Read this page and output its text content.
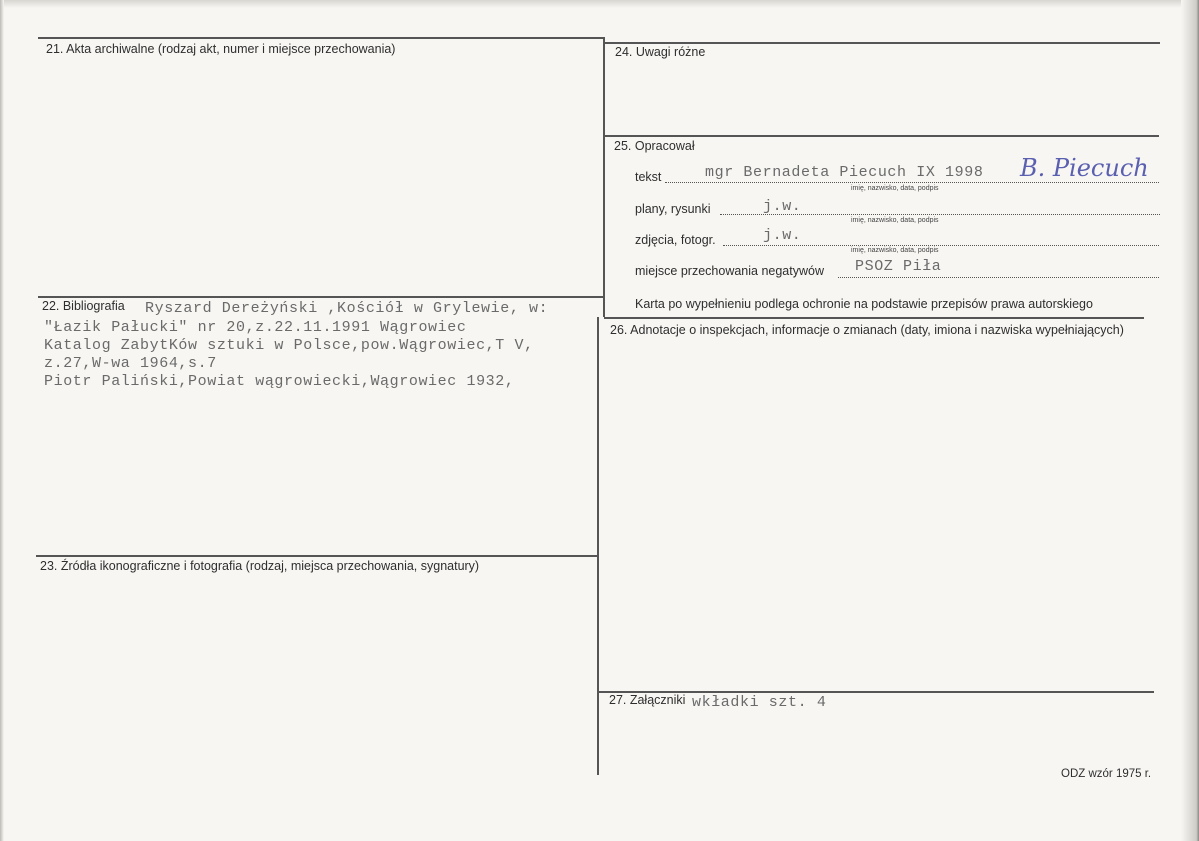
21. Akta archiwalne (rodzaj akt, numer i miejsce przechowania)
22. Bibliografia Ryszard Dereżyński ,Kościół w Grylewie, w:
"Łazik Pałucki" nr 20,z.22.11.1991 Wągrowiec
Katalog ZabytKów sztuki w Polsce,pow.Wągrowiec,T V,
z.27,W-wa 1964,s.7
Piotr Paliński,Powiat wągrowiecki,Wągrowiec 1932,
23. Źródła ikonograficzne i fotografia (rodzaj, miejsca przechowania, sygnatury)
24. Uwagi różne
25. Opracował
tekst	mgr Bernadeta Piecuch IX 1998 B. Piecuch
imię, nazwisko, data, podpis
plany, rysunki	j.w.
imię, nazwisko, data, podpis
zdjęcia, fotogr.	j.w.
imię, nazwisko, data, podpis
miejsce przechowania negatywów PSOZ Piła
Karta po wypełnieniu podlega ochronie na podstawie przepisów prawa autorskiego
26. Adnotacje o inspekcjach, informacje o zmianach (daty, imiona i nazwiska wypełniających)
27. Załączniki wkładki szt. 4
ODZ wzór 1975 r.
